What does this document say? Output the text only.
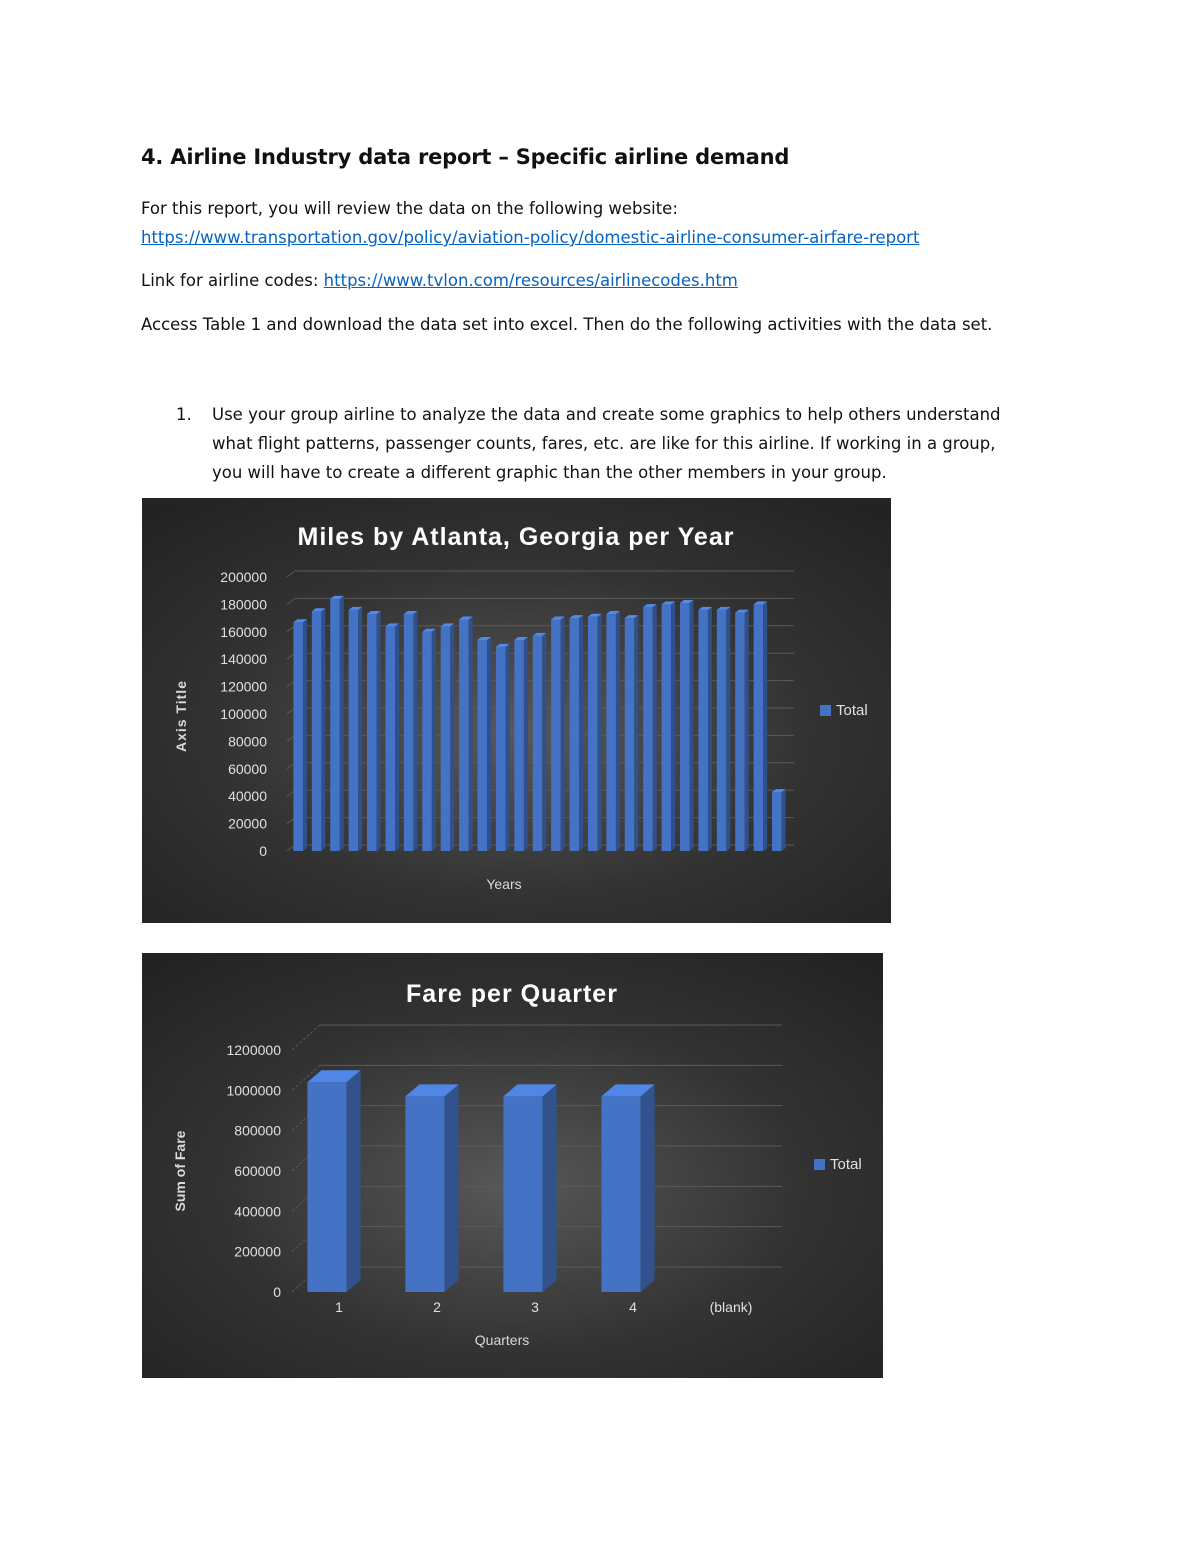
4. Airline Industry data report – Specific airline demand

For this report, you will review the data on the following website:
https://www.transportation.gov/policy/aviation-policy/domestic-airline-consumer-airfare-report

Link for airline codes: https://www.tvlon.com/resources/airlinecodes.htm

Access Table 1 and download the data set into excel. Then do the following activities with the data set.

1. Use your group airline to analyze the data and create some graphics to help others understand
what flight patterns, passenger counts, fares, etc. are like for this airline. If working in a group,
you will have to create a different graphic than the other members in your group.
Miles by Atlanta, Georgia per Year
Axis Title
Years
0
20000
40000
60000
80000
100000
120000
140000
160000
180000
200000
Total
Fare per Quarter
Sum of Fare
Quarters
0
200000
400000
600000
800000
1000000
1200000
1	2	3	4	(blank)
Total
